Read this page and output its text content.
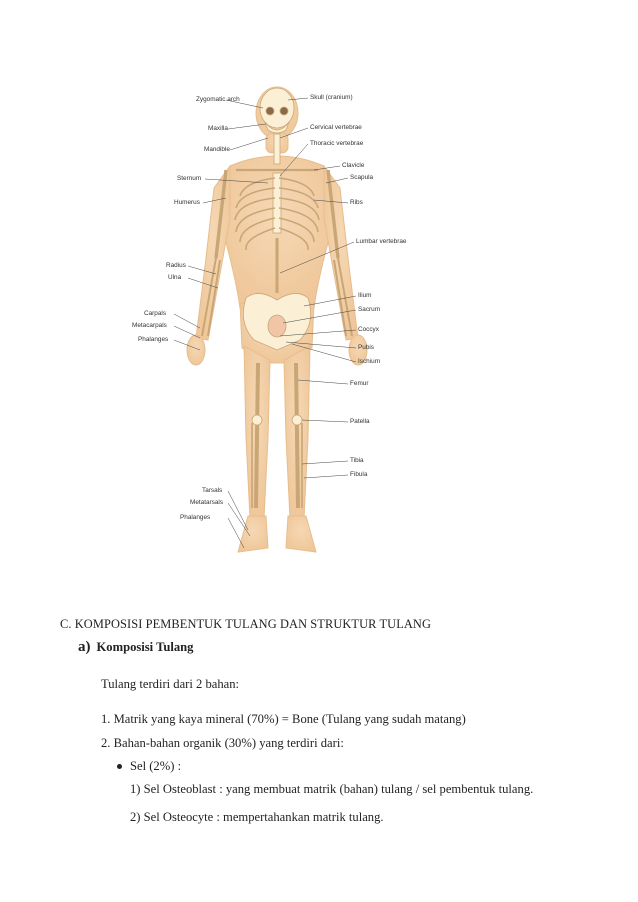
Zygomatic arch
Maxilla
Mandible
Sternum
Humerus
Radius
Ulna
Carpals
Metacarpals
Phalanges
Tarsals
Metatarsals
Phalanges
Skull (cranium)
Cervical vertebrae
Thoracic vertebrae
Clavicle
Scapula
Ribs
Lumbar vertebrae
Ilium
Sacrum
Coccyx
Pubis
Ischium
Femur
Patella
Tibia
Fibula
C. KOMPOSISI PEMBENTUK TULANG DAN STRUKTUR TULANG
a) Komposisi Tulang
Tulang terdiri dari 2 bahan:
1. Matrik yang kaya mineral (70%) = Bone (Tulang yang sudah matang)
2. Bahan-bahan organik (30%) yang terdiri dari:
Sel (2%) :
1) Sel Osteoblast : yang membuat matrik (bahan) tulang / sel pembentuk tulang.
2) Sel Osteocyte : mempertahankan matrik tulang.
